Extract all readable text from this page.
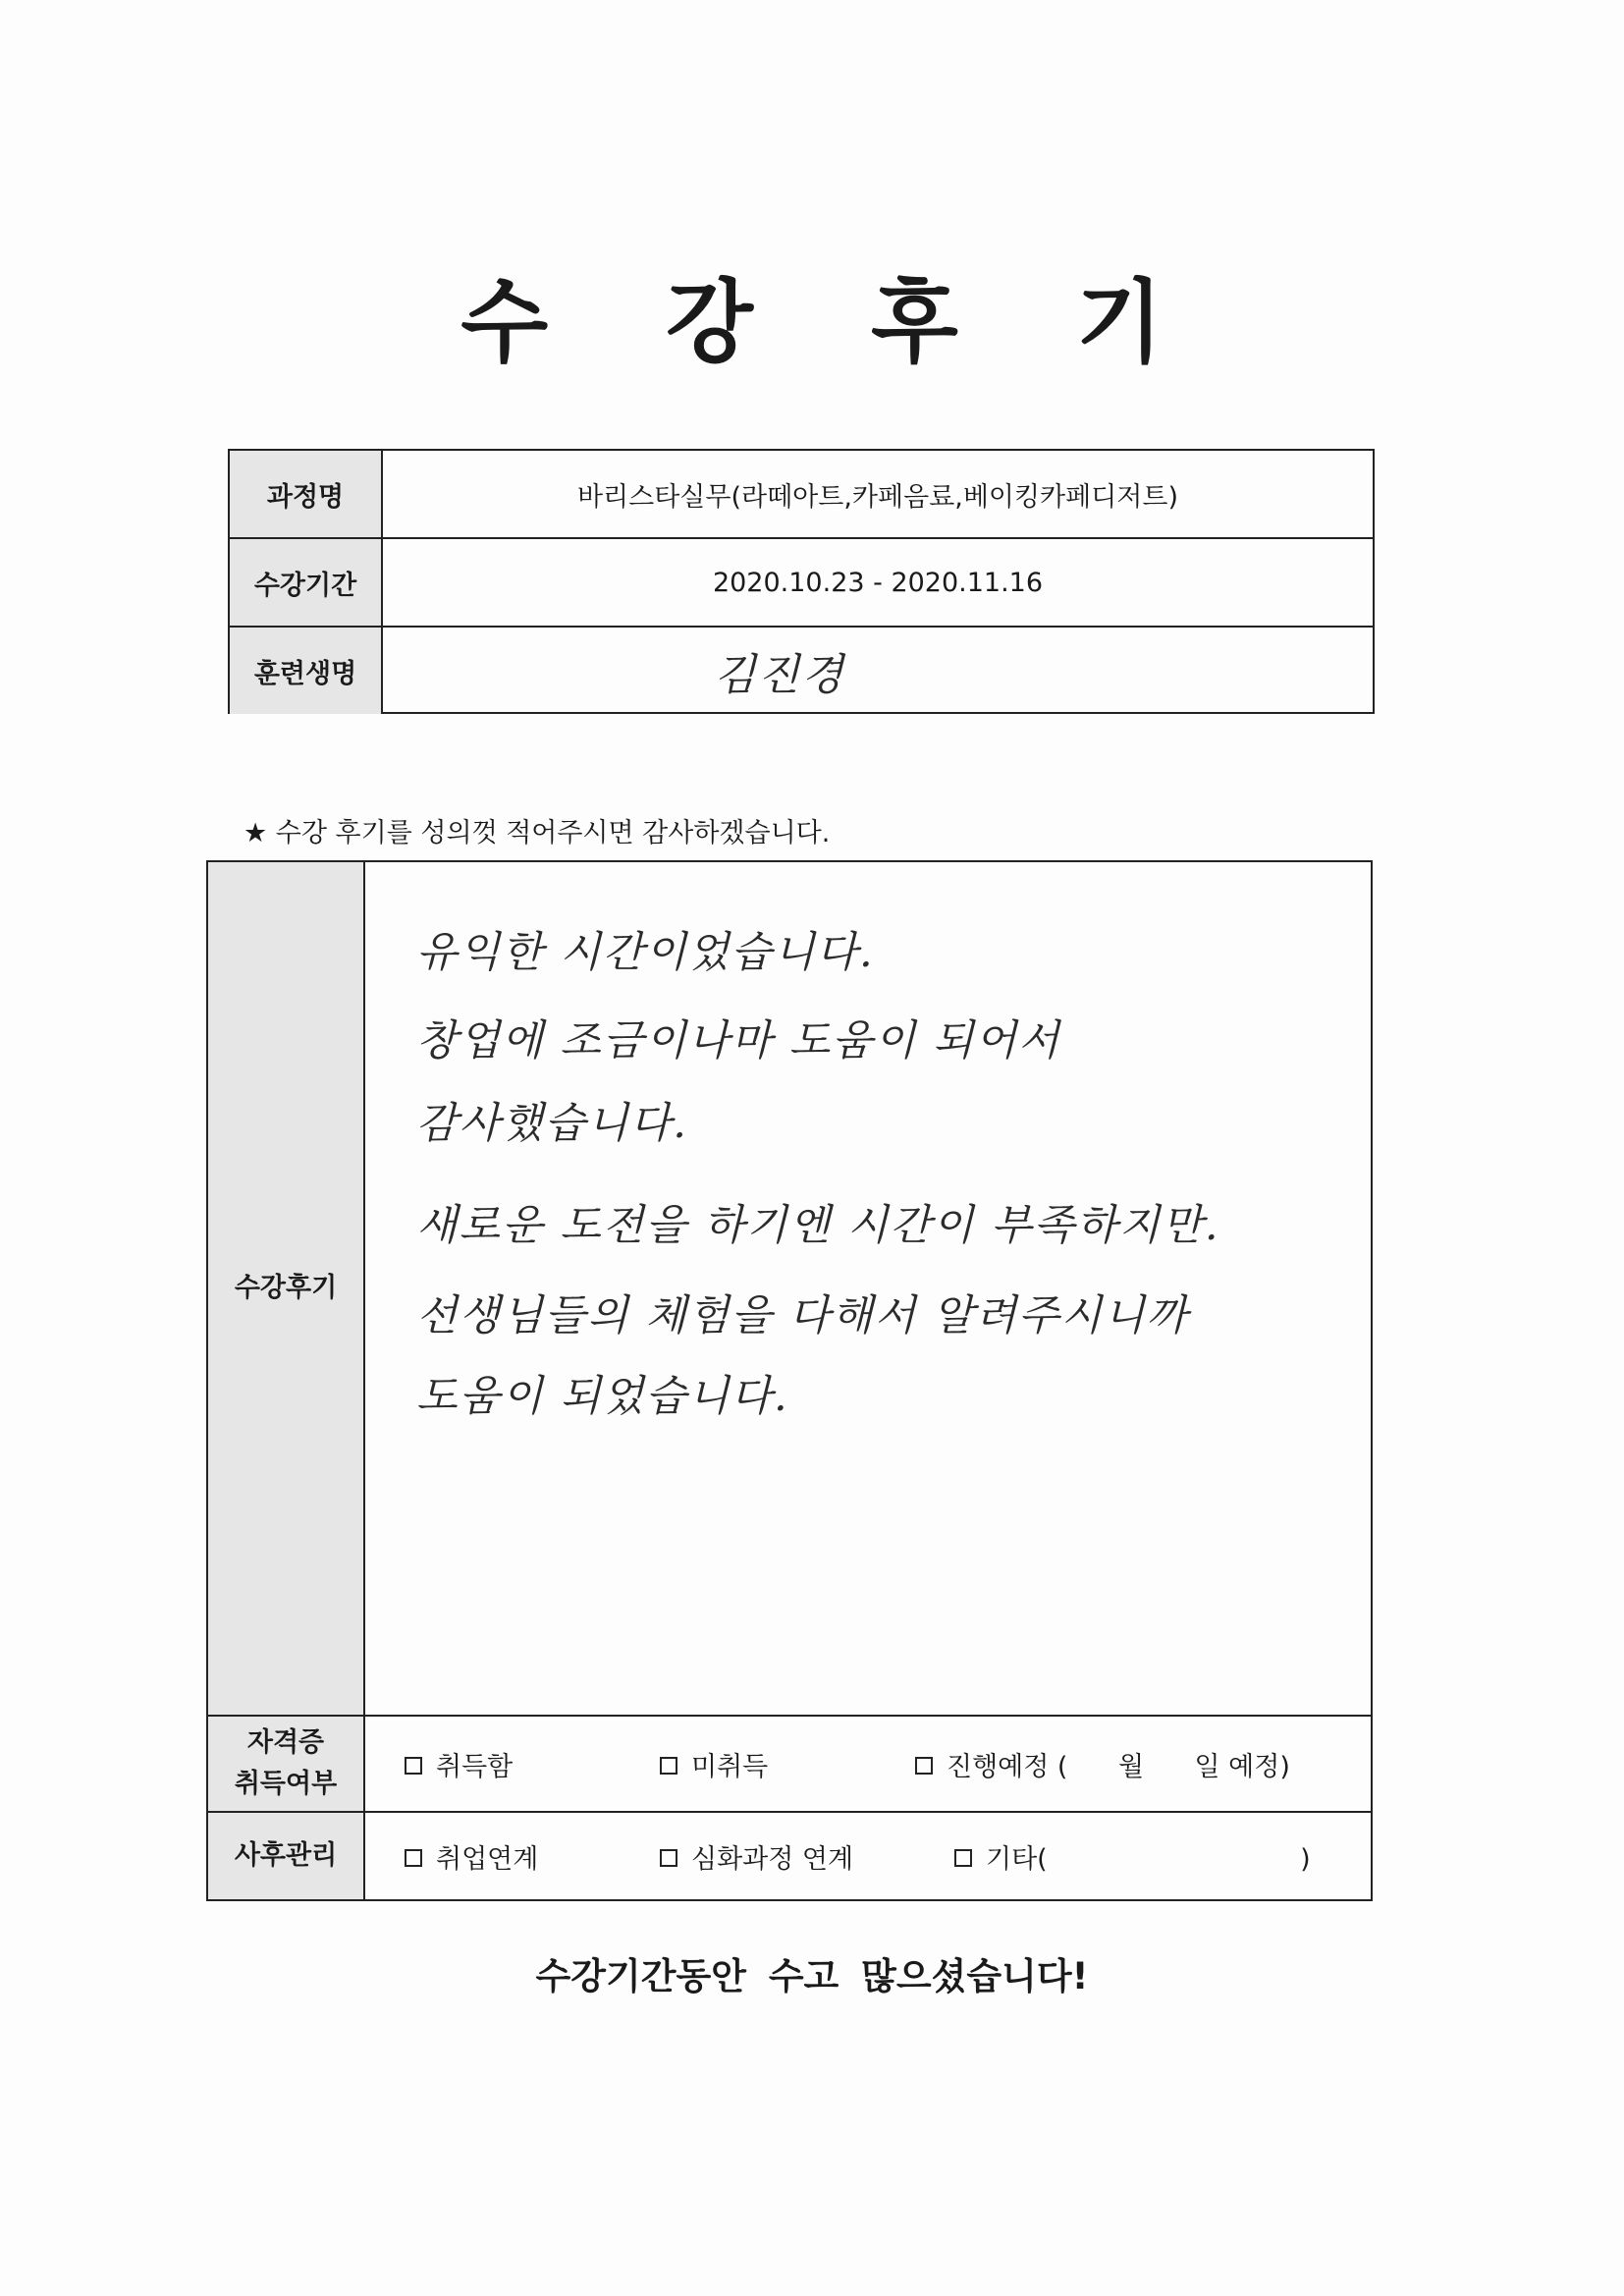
수 강 후 기
과정명	바리스타실무(라떼아트,카페음료,베이킹카페디저트)
수강기간	2020.10.23 - 2020.11.16
훈련생명	김진경
★ 수강 후기를 성의껏 적어주시면 감사하겠습니다.
수강후기
유익한 시간이었습니다.
창업에 조금이나마 도움이 되어서
감사했습니다.
새로운 도전을 하기엔 시간이 부족하지만.
선생님들의 체험을 다해서 알려주시니까
도움이 되었습니다.
자격증
취득여부
취득함	미취득	진행예정 (      월      일 예정)
사후관리	취업연계	심화과정 연계	기타(                              )
수강기간동안 수고 많으셨습니다!
